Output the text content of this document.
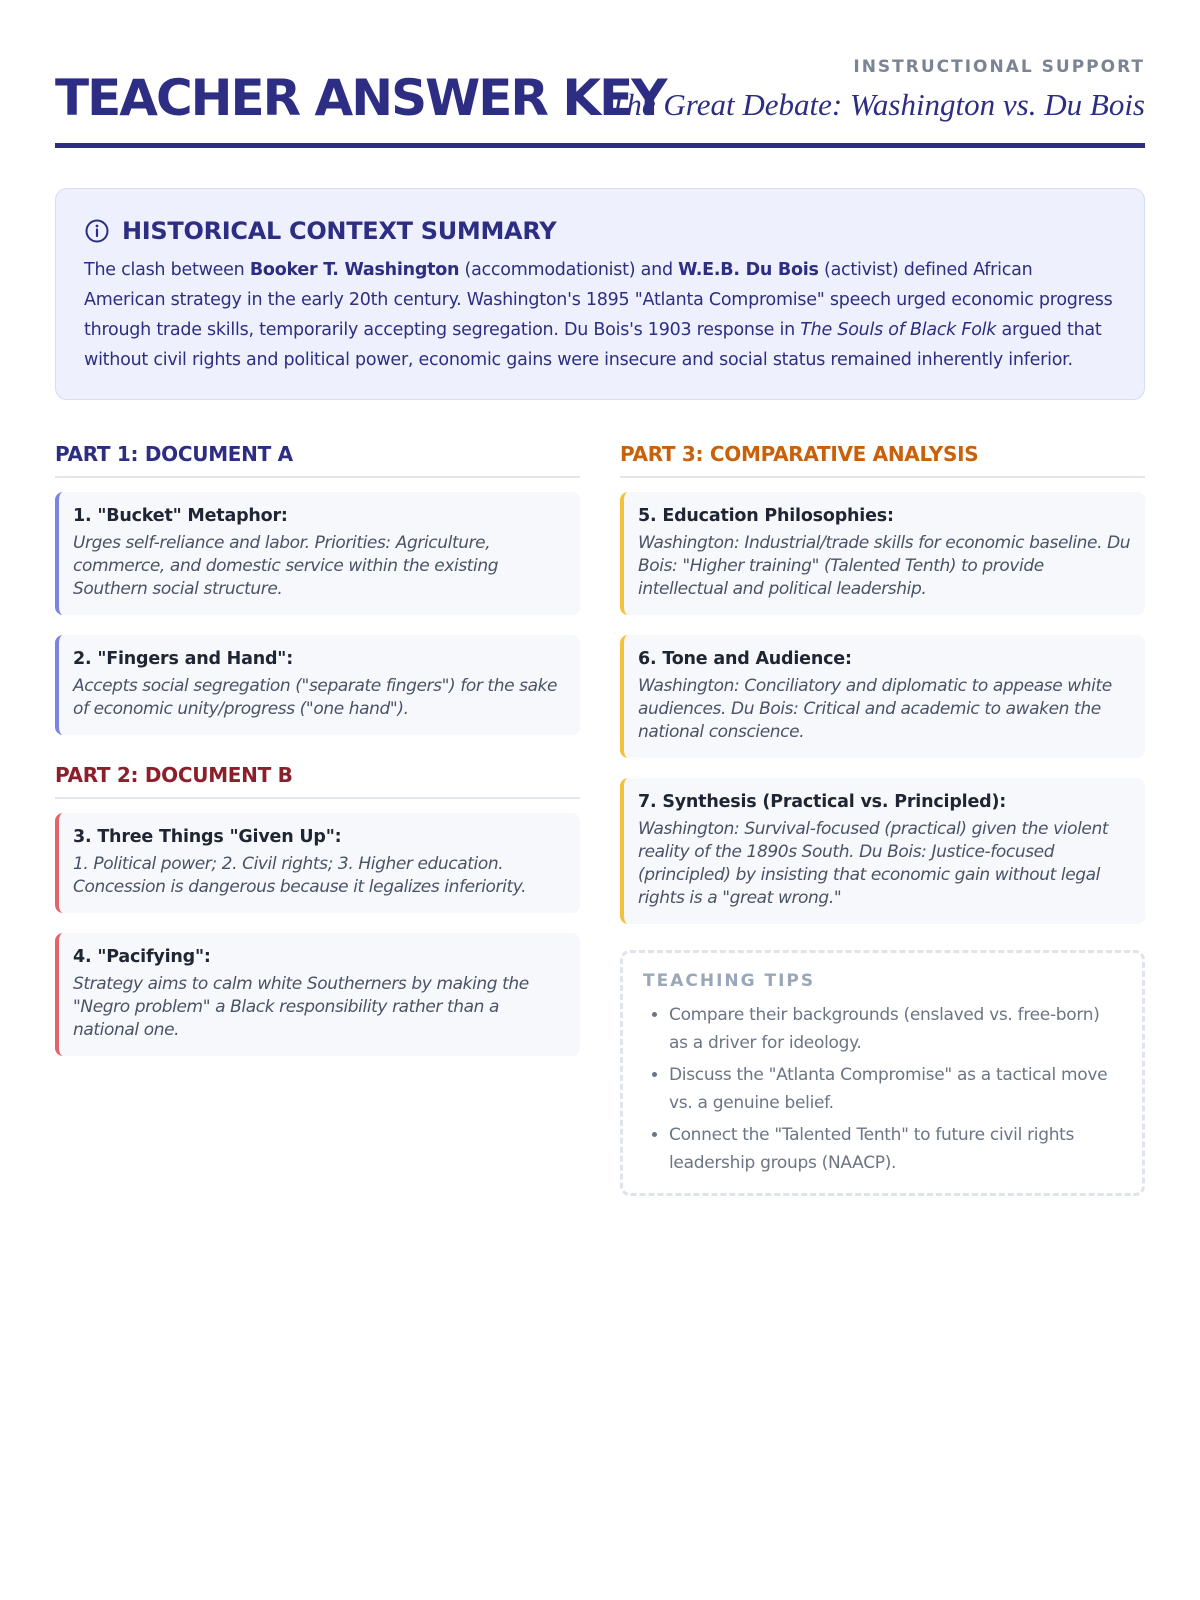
INSTRUCTIONAL SUPPORT
TEACHER ANSWER KEY
The Great Debate: Washington vs. Du Bois
HISTORICAL CONTEXT SUMMARY

The clash between Booker T. Washington (accommodationist) and W.E.B. Du Bois (activist) defined African American strategy in the early 20th century. Washington's 1895 "Atlanta Compromise" speech urged economic progress through trade skills, temporarily accepting segregation. Du Bois's 1903 response in The Souls of Black Folk argued that without civil rights and political power, economic gains were insecure and social status remained inherently inferior.

PART 1: DOCUMENT A

1. "Bucket" Metaphor:

Urges self-reliance and labor. Priorities: Agriculture, commerce, and domestic service within the existing Southern social structure.

2. "Fingers and Hand":

Accepts social segregation ("separate fingers") for the sake of economic unity/progress ("one hand").

PART 2: DOCUMENT B

3. Three Things "Given Up":

1. Political power; 2. Civil rights; 3. Higher education. Concession is dangerous because it legalizes inferiority.

4. "Pacifying":

Strategy aims to calm white Southerners by making the "Negro problem" a Black responsibility rather than a national one.

PART 3: COMPARATIVE ANALYSIS

5. Education Philosophies:

Washington: Industrial/trade skills for economic baseline. Du Bois: "Higher training" (Talented Tenth) to provide intellectual and political leadership.

6. Tone and Audience:

Washington: Conciliatory and diplomatic to appease white audiences. Du Bois: Critical and academic to awaken the national conscience.

7. Synthesis (Practical vs. Principled):

Washington: Survival-focused (practical) given the violent reality of the 1890s South. Du Bois: Justice-focused (principled) by insisting that economic gain without legal rights is a "great wrong."

TEACHING TIPS
• Compare their backgrounds (enslaved vs. free-born) as a driver for ideology.
• Discuss the "Atlanta Compromise" as a tactical move vs. a genuine belief.
• Connect the "Talented Tenth" to future civil rights leadership groups (NAACP).
